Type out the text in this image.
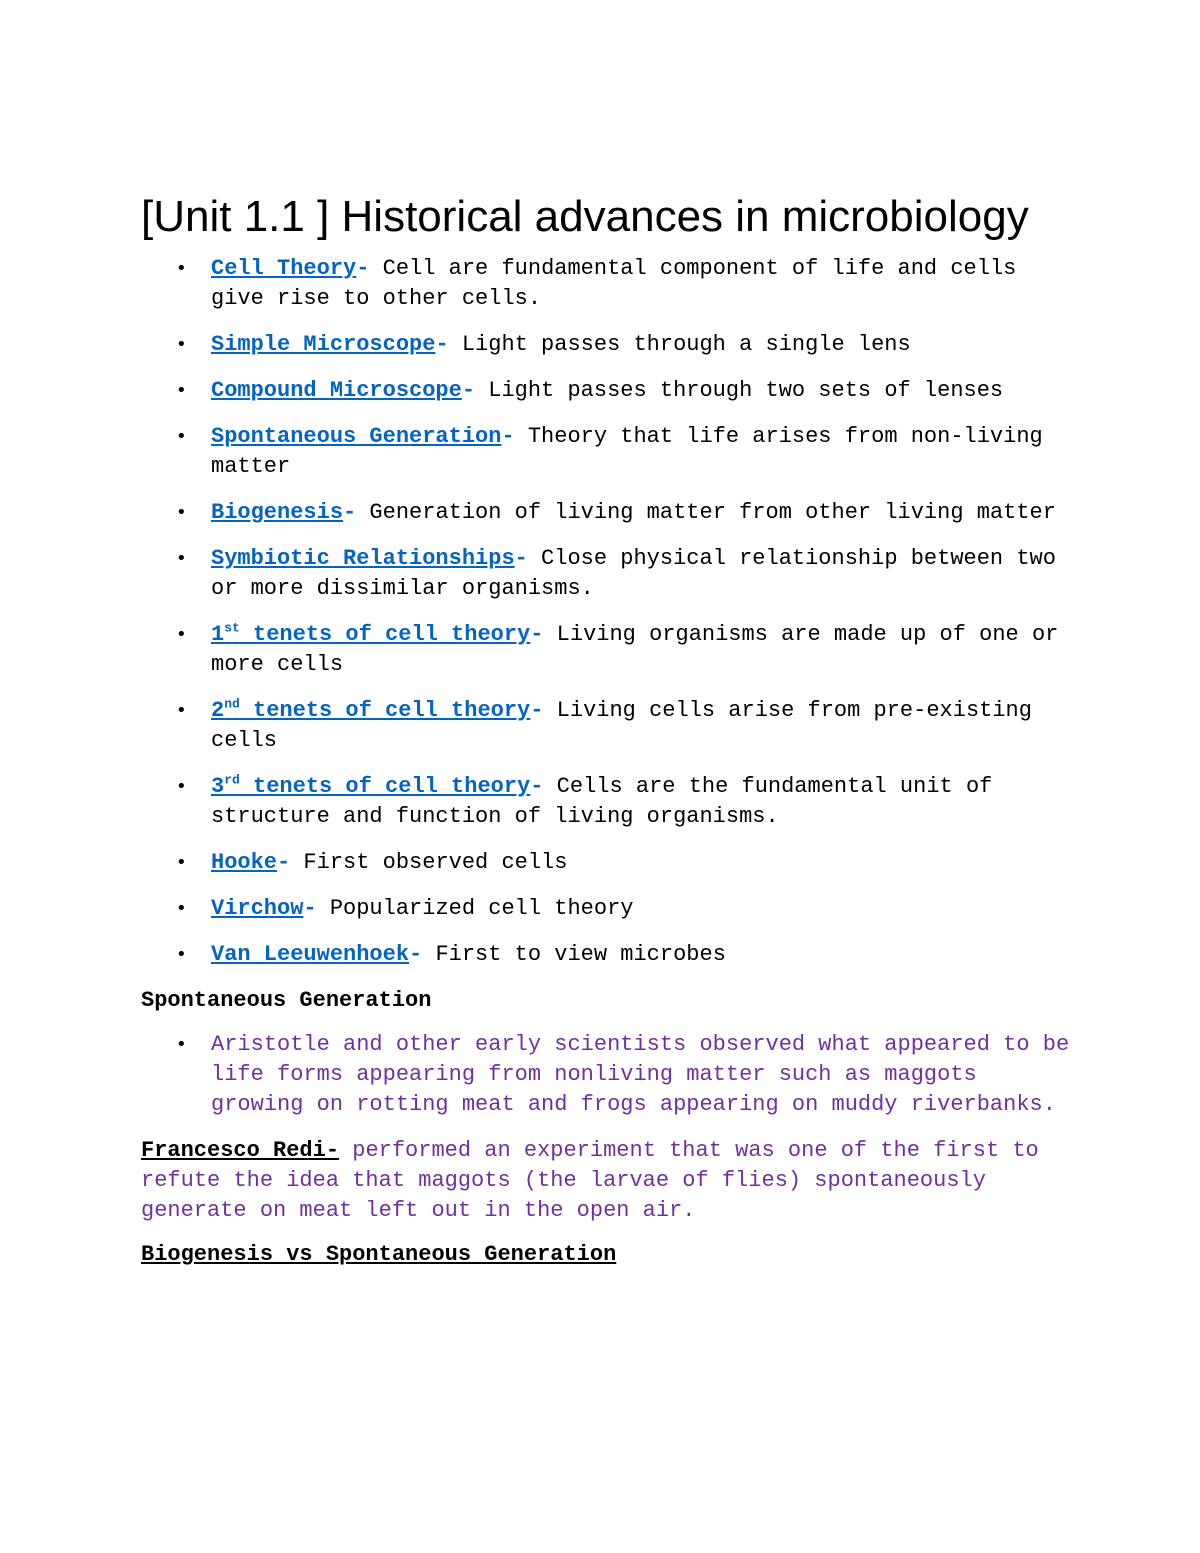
[Unit 1.1 ] Historical advances in microbiology
• Cell Theory- Cell are fundamental component of life and cells give rise to other cells.
• Simple Microscope- Light passes through a single lens
• Compound Microscope- Light passes through two sets of lenses
• Spontaneous Generation- Theory that life arises from non-living matter
• Biogenesis- Generation of living matter from other living matter
• Symbiotic Relationships- Close physical relationship between two or more dissimilar organisms.
• 1st tenets of cell theory- Living organisms are made up of one or more cells
• 2nd tenets of cell theory- Living cells arise from pre-existing cells
• 3rd tenets of cell theory- Cells are the fundamental unit of structure and function of living organisms.
• Hooke- First observed cells
• Virchow- Popularized cell theory
• Van Leeuwenhoek- First to view microbes
Spontaneous Generation
• Aristotle and other early scientists observed what appeared to be life forms appearing from nonliving matter such as maggots growing on rotting meat and frogs appearing on muddy riverbanks.

Francesco Redi- performed an experiment that was one of the first to refute the idea that maggots (the larvae of flies) spontaneously generate on meat left out in the open air.

Biogenesis vs Spontaneous Generation
